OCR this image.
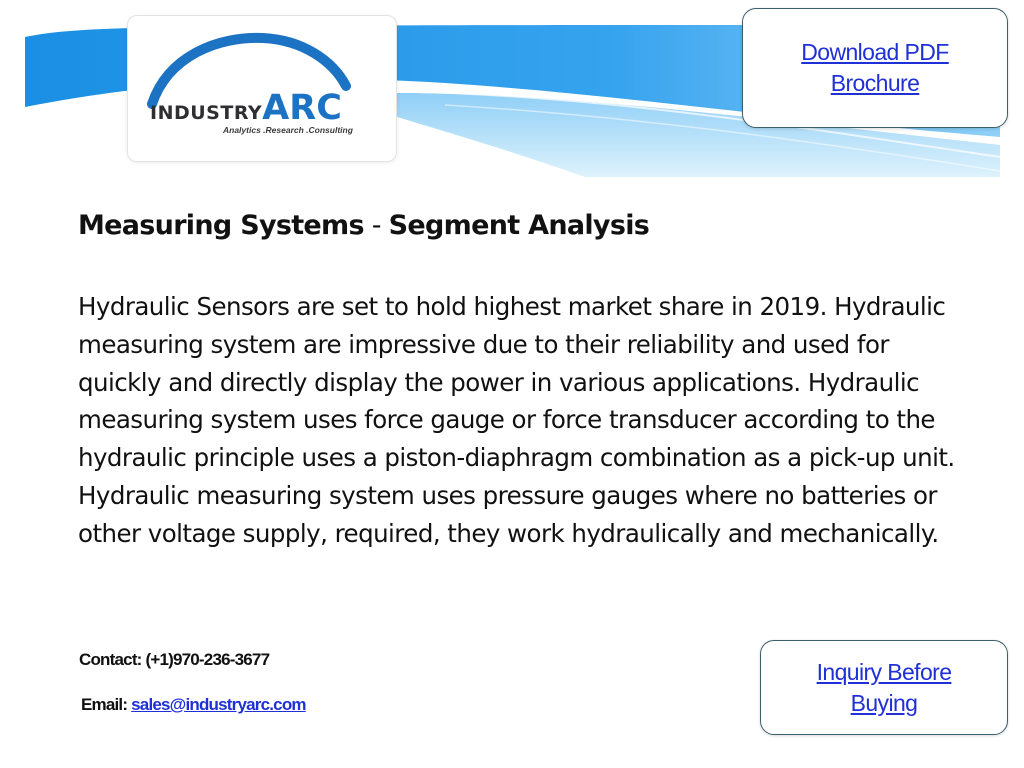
INDUSTRYARC
Analytics .Research .Consulting
Download PDF
Brochure
Measuring Systems - Segment Analysis

Hydraulic Sensors are set to hold highest market share in 2019. Hydraulic measuring system are impressive due to their reliability and used for quickly and directly display the power in various applications. Hydraulic measuring system uses force gauge or force transducer according to the hydraulic principle uses a piston-diaphragm combination as a pick-up unit. Hydraulic measuring system uses pressure gauges where no batteries or other voltage supply, required, they work hydraulically and mechanically.

Contact: (+1)970-236-3677
Email: sales@industryarc.com
Inquiry Before
Buying
